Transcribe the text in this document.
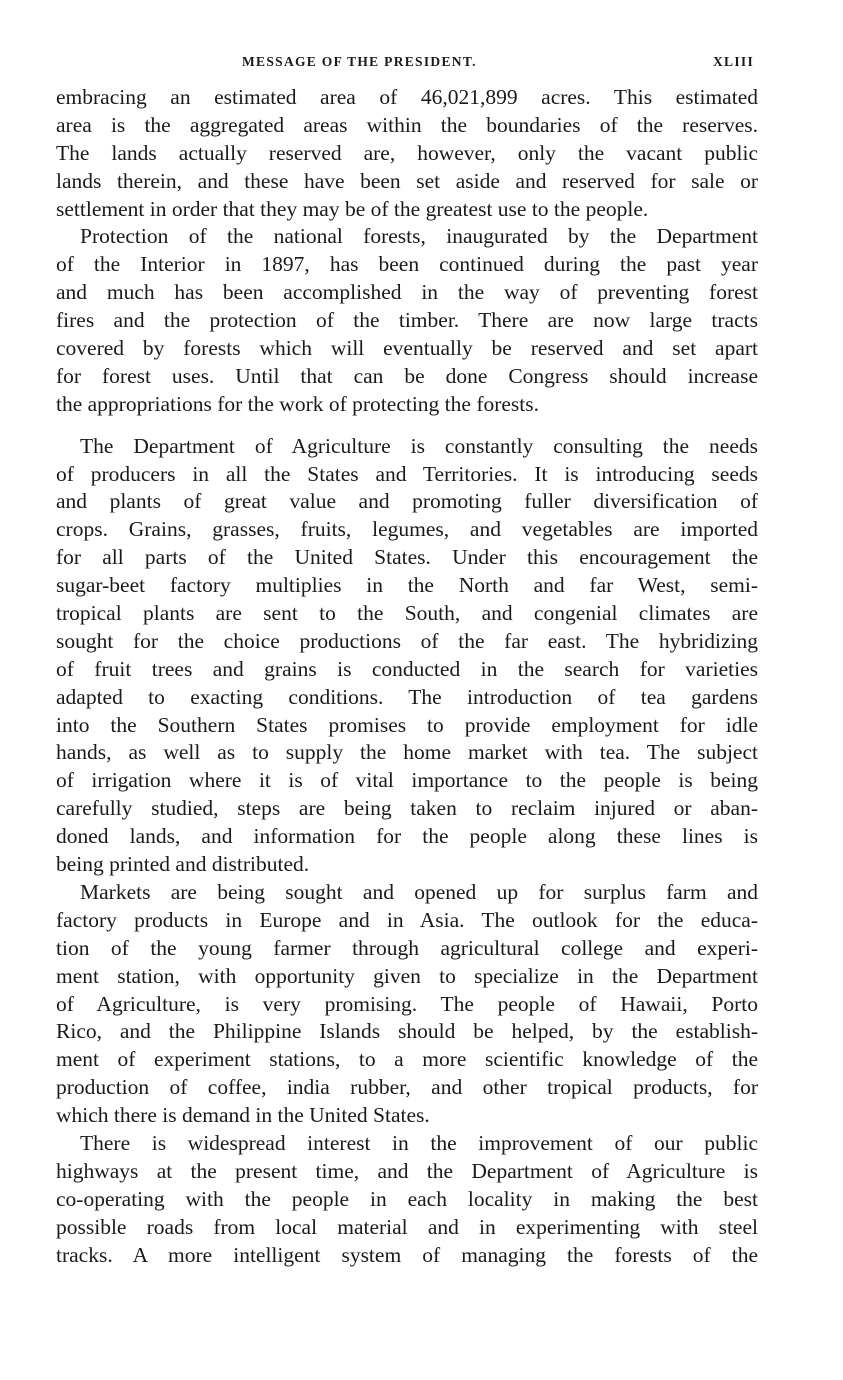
MESSAGE OF THE PRESIDENT.	XLIII
embracing an estimated area of 46,021,899 acres. This estimated
area is the aggregated areas within the boundaries of the reserves.
The lands actually reserved are, however, only the vacant public
lands therein, and these have been set aside and reserved for sale or
settlement in order that they may be of the greatest use to the people.
Protection of the national forests, inaugurated by the Department
of the Interior in 1897, has been continued during the past year
and much has been accomplished in the way of preventing forest
fires and the protection of the timber. There are now large tracts
covered by forests which will eventually be reserved and set apart
for forest uses. Until that can be done Congress should increase
the appropriations for the work of protecting the forests.
The Department of Agriculture is constantly consulting the needs
of producers in all the States and Territories. It is introducing seeds
and plants of great value and promoting fuller diversification of
crops. Grains, grasses, fruits, legumes, and vegetables are imported
for all parts of the United States. Under this encouragement the
sugar-beet factory multiplies in the North and far West, semi-
tropical plants are sent to the South, and congenial climates are
sought for the choice productions of the far east. The hybridizing
of fruit trees and grains is conducted in the search for varieties
adapted to exacting conditions. The introduction of tea gardens
into the Southern States promises to provide employment for idle
hands, as well as to supply the home market with tea. The subject
of irrigation where it is of vital importance to the people is being
carefully studied, steps are being taken to reclaim injured or aban-
doned lands, and information for the people along these lines is
being printed and distributed.
Markets are being sought and opened up for surplus farm and
factory products in Europe and in Asia. The outlook for the educa-
tion of the young farmer through agricultural college and experi-
ment station, with opportunity given to specialize in the Department
of Agriculture, is very promising. The people of Hawaii, Porto
Rico, and the Philippine Islands should be helped, by the establish-
ment of experiment stations, to a more scientific knowledge of the
production of coffee, india rubber, and other tropical products, for
which there is demand in the United States.
There is widespread interest in the improvement of our public
highways at the present time, and the Department of Agriculture is
co-operating with the people in each locality in making the best
possible roads from local material and in experimenting with steel
tracks. A more intelligent system of managing the forests of the
